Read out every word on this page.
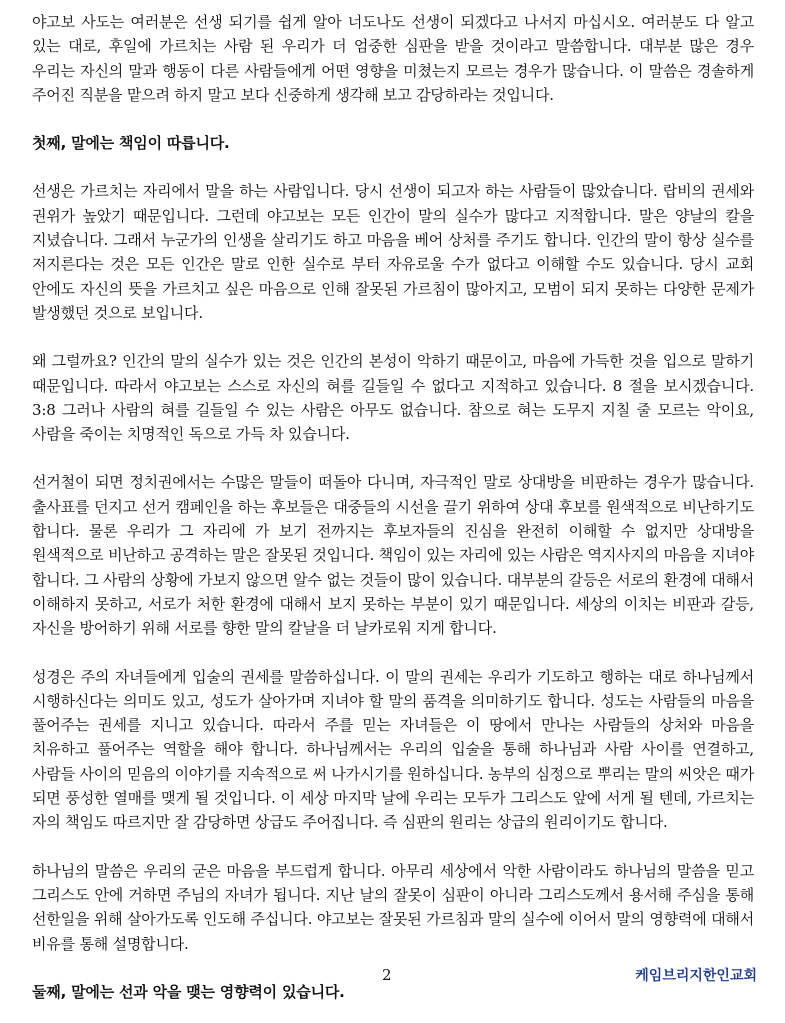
야고보 사도는 여러분은 선생 되기를 쉽게 알아 너도나도 선생이 되겠다고 나서지 마십시오. 여러분도 다 알고 있는 대로, 후일에 가르치는 사람 된 우리가 더 엄중한 심판을 받을 것이라고 말씀합니다. 대부분 많은 경우 우리는 자신의 말과 행동이 다른 사람들에게 어떤 영향을 미쳤는지 모르는 경우가 많습니다. 이 말씀은 경솔하게 주어진 직분을 맡으려 하지 말고 보다 신중하게 생각해 보고 감당하라는 것입니다.

첫째, 말에는 책임이 따릅니다.

선생은 가르치는 자리에서 말을 하는 사람입니다. 당시 선생이 되고자 하는 사람들이 많았습니다. 랍비의 권세와 권위가 높았기 때문입니다. 그런데 야고보는 모든 인간이 말의 실수가 많다고 지적합니다. 말은 양날의 칼을 지녔습니다. 그래서 누군가의 인생을 살리기도 하고 마음을 베어 상처를 주기도 합니다. 인간의 말이 항상 실수를 저지른다는 것은 모든 인간은 말로 인한 실수로 부터 자유로울 수가 없다고 이해할 수도 있습니다. 당시 교회 안에도 자신의 뜻을 가르치고 싶은 마음으로 인해 잘못된 가르침이 많아지고, 모범이 되지 못하는 다양한 문제가 발생했던 것으로 보입니다.

왜 그럴까요? 인간의 말의 실수가 있는 것은 인간의 본성이 악하기 때문이고, 마음에 가득한 것을 입으로 말하기 때문입니다. 따라서 야고보는 스스로 자신의 혀를 길들일 수 없다고 지적하고 있습니다. 8 절을 보시겠습니다. 3:8 그러나 사람의 혀를 길들일 수 있는 사람은 아무도 없습니다. 참으로 혀는 도무지 지칠 줄 모르는 악이요, 사람을 죽이는 치명적인 독으로 가득 차 있습니다.

선거철이 되면 정치권에서는 수많은 말들이 떠돌아 다니며, 자극적인 말로 상대방을 비판하는 경우가 많습니다. 출사표를 던지고 선거 캠페인을 하는 후보들은 대중들의 시선을 끌기 위하여 상대 후보를 원색적으로 비난하기도 합니다. 물론 우리가 그 자리에 가 보기 전까지는 후보자들의 진심을 완전히 이해할 수 없지만 상대방을 원색적으로 비난하고 공격하는 말은 잘못된 것입니다. 책임이 있는 자리에 있는 사람은 역지사지의 마음을 지녀야 합니다. 그 사람의 상황에 가보지 않으면 알수 없는 것들이 많이 있습니다. 대부분의 갈등은 서로의 환경에 대해서 이해하지 못하고, 서로가 처한 환경에 대해서 보지 못하는 부분이 있기 때문입니다. 세상의 이치는 비판과 갈등, 자신을 방어하기 위해 서로를 향한 말의 칼날을 더 날카로워 지게 합니다.

성경은 주의 자녀들에게 입술의 권세를 말씀하십니다. 이 말의 권세는 우리가 기도하고 행하는 대로 하나님께서 시행하신다는 의미도 있고, 성도가 살아가며 지녀야 할 말의 품격을 의미하기도 합니다. 성도는 사람들의 마음을 풀어주는 권세를 지니고 있습니다. 따라서 주를 믿는 자녀들은 이 땅에서 만나는 사람들의 상처와 마음을 치유하고 풀어주는 역할을 해야 합니다. 하나님께서는 우리의 입술을 통해 하나님과 사람 사이를 연결하고, 사람들 사이의 믿음의 이야기를 지속적으로 써 나가시기를 원하십니다. 농부의 심정으로 뿌리는 말의 씨앗은 때가 되면 풍성한 열매를 맺게 될 것입니다. 이 세상 마지막 날에 우리는 모두가 그리스도 앞에 서게 될 텐데, 가르치는 자의 책임도 따르지만 잘 감당하면 상급도 주어집니다. 즉 심판의 원리는 상급의 원리이기도 합니다.

하나님의 말씀은 우리의 굳은 마음을 부드럽게 합니다. 아무리 세상에서 악한 사람이라도 하나님의 말씀을 믿고 그리스도 안에 거하면 주님의 자녀가 됩니다. 지난 날의 잘못이 심판이 아니라 그리스도께서 용서해 주심을 통해 선한일을 위해 살아가도록 인도해 주십니다. 야고보는 잘못된 가르침과 말의 실수에 이어서 말의 영향력에 대해서 비유를 통해 설명합니다.

둘째, 말에는 선과 악을 맺는 영향력이 있습니다.

2	케임브리지한인교회
